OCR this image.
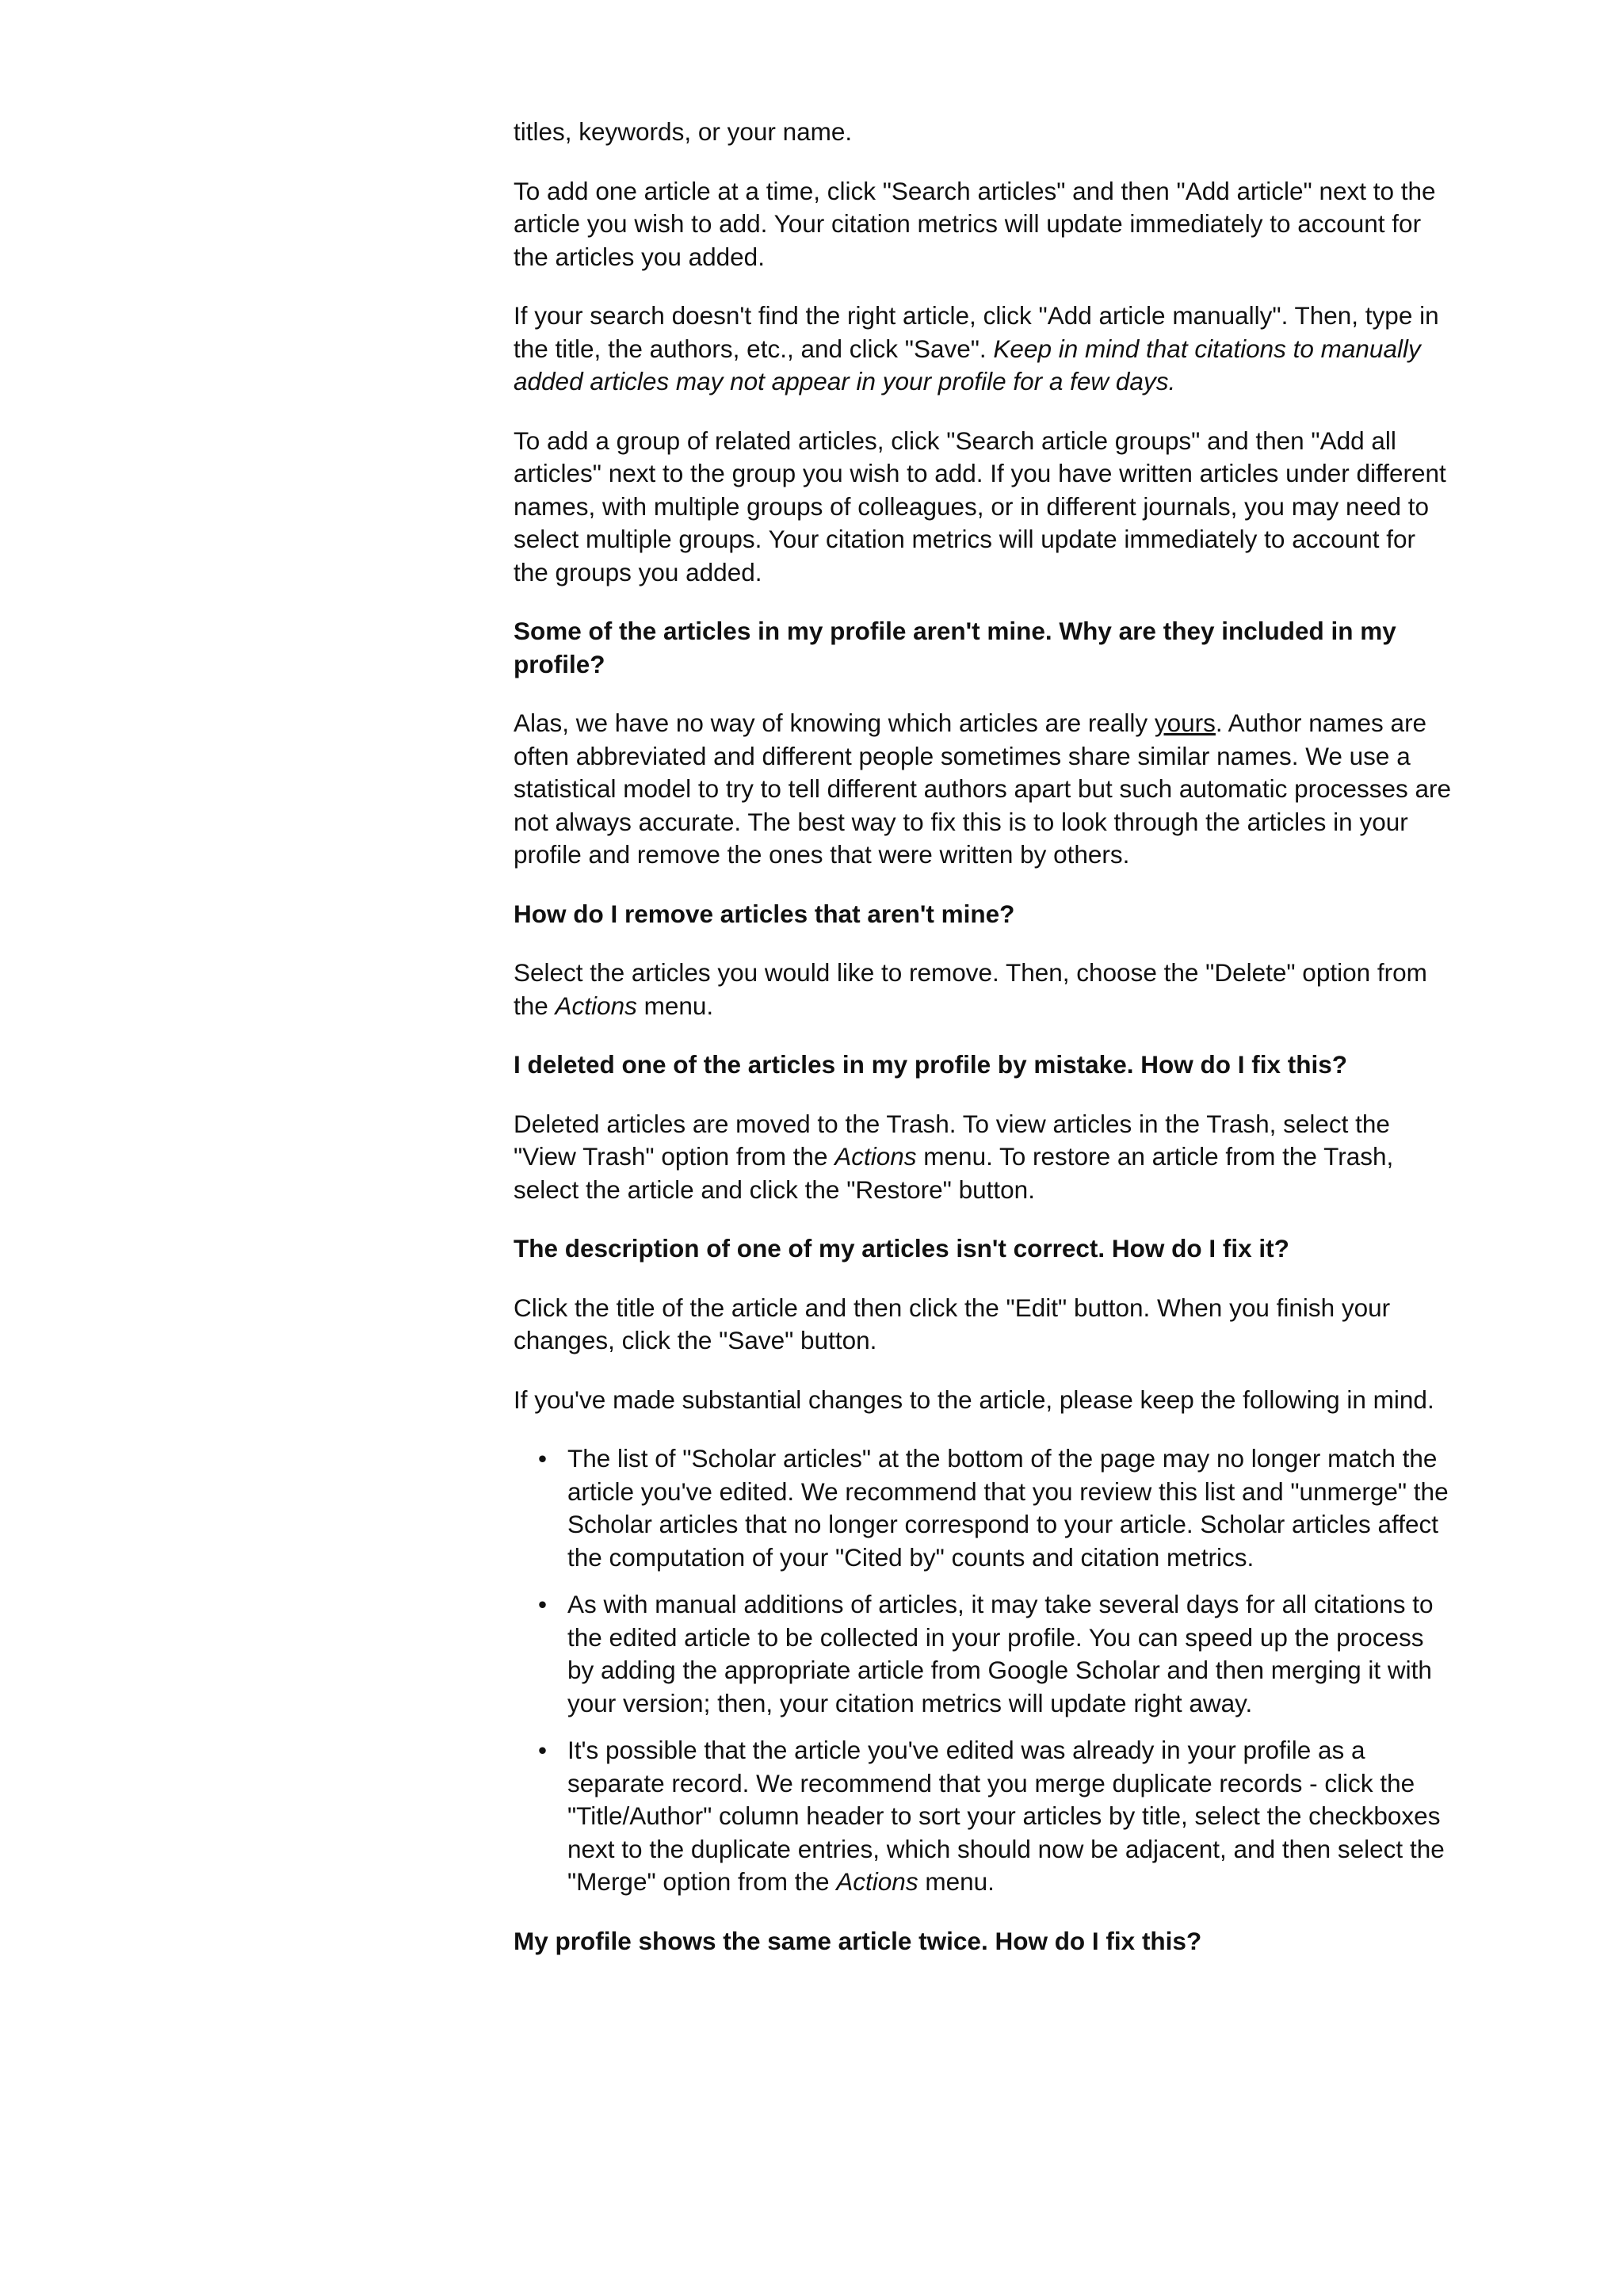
titles, keywords, or your name.

To add one article at a time, click "Search articles" and then "Add article" next to the article you wish to add. Your citation metrics will update immediately to account for the articles you added.

If your search doesn't find the right article, click "Add article manually". Then, type in the title, the authors, etc., and click "Save". Keep in mind that citations to manually added articles may not appear in your profile for a few days.

To add a group of related articles, click "Search article groups" and then "Add all articles" next to the group you wish to add. If you have written articles under different names, with multiple groups of colleagues, or in different journals, you may need to select multiple groups. Your citation metrics will update immediately to account for the groups you added.

Some of the articles in my profile aren't mine. Why are they included in my profile?

Alas, we have no way of knowing which articles are really yours. Author names are often abbreviated and different people sometimes share similar names. We use a statistical model to try to tell different authors apart but such automatic processes are not always accurate. The best way to fix this is to look through the articles in your profile and remove the ones that were written by others.

How do I remove articles that aren't mine?

Select the articles you would like to remove. Then, choose the "Delete" option from the Actions menu.

I deleted one of the articles in my profile by mistake. How do I fix this?

Deleted articles are moved to the Trash. To view articles in the Trash, select the "View Trash" option from the Actions menu. To restore an article from the Trash, select the article and click the "Restore" button.

The description of one of my articles isn't correct. How do I fix it?

Click the title of the article and then click the "Edit" button. When you finish your changes, click the "Save" button.

If you've made substantial changes to the article, please keep the following in mind.

• The list of "Scholar articles" at the bottom of the page may no longer match the article you've edited. We recommend that you review this list and "unmerge" the Scholar articles that no longer correspond to your article. Scholar articles affect the computation of your "Cited by" counts and citation metrics.
• As with manual additions of articles, it may take several days for all citations to the edited article to be collected in your profile. You can speed up the process by adding the appropriate article from Google Scholar and then merging it with your version; then, your citation metrics will update right away.
• It's possible that the article you've edited was already in your profile as a separate record. We recommend that you merge duplicate records - click the "Title/Author" column header to sort your articles by title, select the checkboxes next to the duplicate entries, which should now be adjacent, and then select the "Merge" option from the Actions menu.

My profile shows the same article twice. How do I fix this?
